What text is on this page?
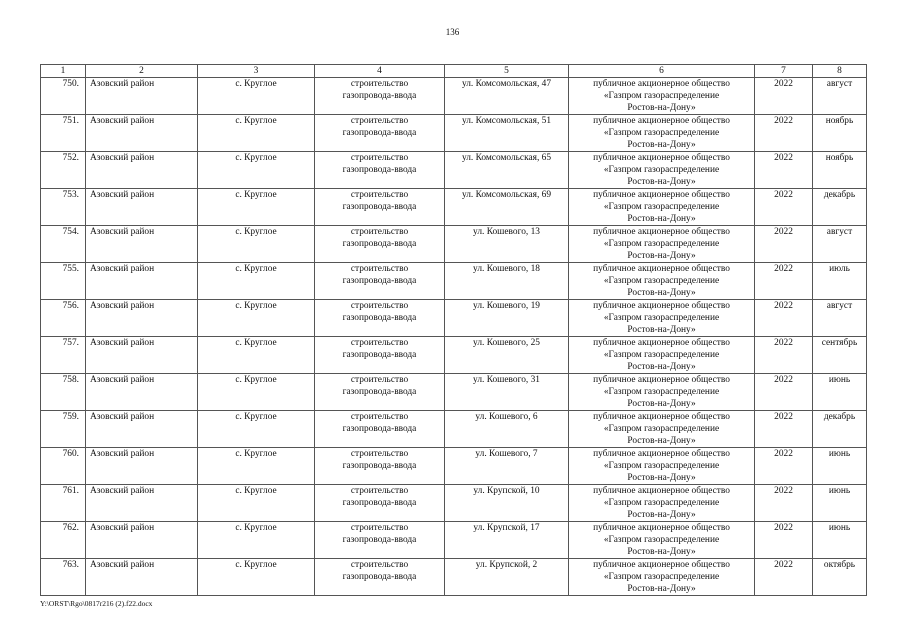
136
1	2	3	4	5	6	7	8
750.	Азовский район	с. Круглое	строительство
газопровода-ввода	ул. Комсомольская, 47	публичное акционерное общество
«Газпром газораспределение
Ростов-на-Дону»	2022	август
751.	Азовский район	с. Круглое	строительство
газопровода-ввода	ул. Комсомольская, 51	публичное акционерное общество
«Газпром газораспределение
Ростов-на-Дону»	2022	ноябрь
752.	Азовский район	с. Круглое	строительство
газопровода-ввода	ул. Комсомольская, 65	публичное акционерное общество
«Газпром газораспределение
Ростов-на-Дону»	2022	ноябрь
753.	Азовский район	с. Круглое	строительство
газопровода-ввода	ул. Комсомольская, 69	публичное акционерное общество
«Газпром газораспределение
Ростов-на-Дону»	2022	декабрь
754.	Азовский район	с. Круглое	строительство
газопровода-ввода	ул. Кошевого, 13	публичное акционерное общество
«Газпром газораспределение
Ростов-на-Дону»	2022	август
755.	Азовский район	с. Круглое	строительство
газопровода-ввода	ул. Кошевого, 18	публичное акционерное общество
«Газпром газораспределение
Ростов-на-Дону»	2022	июль
756.	Азовский район	с. Круглое	строительство
газопровода-ввода	ул. Кошевого, 19	публичное акционерное общество
«Газпром газораспределение
Ростов-на-Дону»	2022	август
757.	Азовский район	с. Круглое	строительство
газопровода-ввода	ул. Кошевого, 25	публичное акционерное общество
«Газпром газораспределение
Ростов-на-Дону»	2022	сентябрь
758.	Азовский район	с. Круглое	строительство
газопровода-ввода	ул. Кошевого, 31	публичное акционерное общество
«Газпром газораспределение
Ростов-на-Дону»	2022	июнь
759.	Азовский район	с. Круглое	строительство
газопровода-ввода	ул. Кошевого, 6	публичное акционерное общество
«Газпром газораспределение
Ростов-на-Дону»	2022	декабрь
760.	Азовский район	с. Круглое	строительство
газопровода-ввода	ул. Кошевого, 7	публичное акционерное общество
«Газпром газораспределение
Ростов-на-Дону»	2022	июнь
761.	Азовский район	с. Круглое	строительство
газопровода-ввода	ул. Крупской, 10	публичное акционерное общество
«Газпром газораспределение
Ростов-на-Дону»	2022	июнь
762.	Азовский район	с. Круглое	строительство
газопровода-ввода	ул. Крупской, 17	публичное акционерное общество
«Газпром газораспределение
Ростов-на-Дону»	2022	июнь
763.	Азовский район	с. Круглое	строительство
газопровода-ввода	ул. Крупской, 2	публичное акционерное общество
«Газпром газораспределение
Ростов-на-Дону»	2022	октябрь
Y:\ORST\Rgo\0817r216 (2).f22.docx
